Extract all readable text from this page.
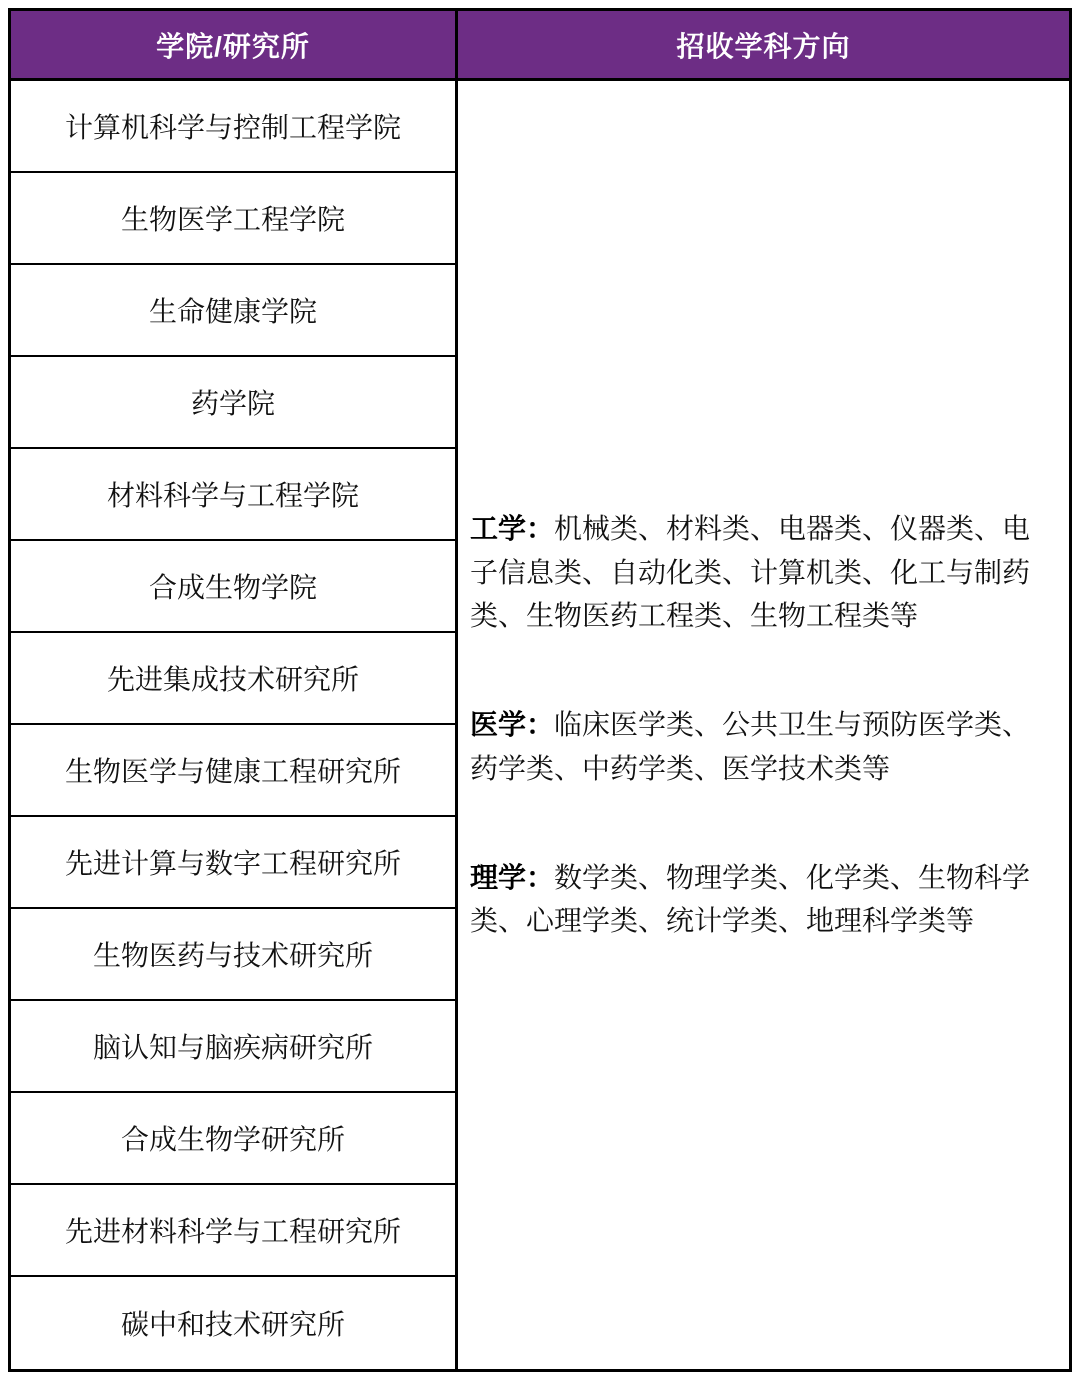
学院/研究所	招收学科方向
计算机科学与控制工程学院
生物医学工程学院
生命健康学院
药学院
材料科学与工程学院
合成生物学院
先进集成技术研究所
生物医学与健康工程研究所
先进计算与数字工程研究所
生物医药与技术研究所
脑认知与脑疾病研究所
合成生物学研究所
先进材料科学与工程研究所
碳中和技术研究所
工学：机械类、材料类、电器类、仪器类、电子信息类、自动化类、计算机类、化工与制药类、生物医药工程类、生物工程类等
医学：临床医学类、公共卫生与预防医学类、药学类、中药学类、医学技术类等
理学：数学类、物理学类、化学类、生物科学类、心理学类、统计学类、地理科学类等
